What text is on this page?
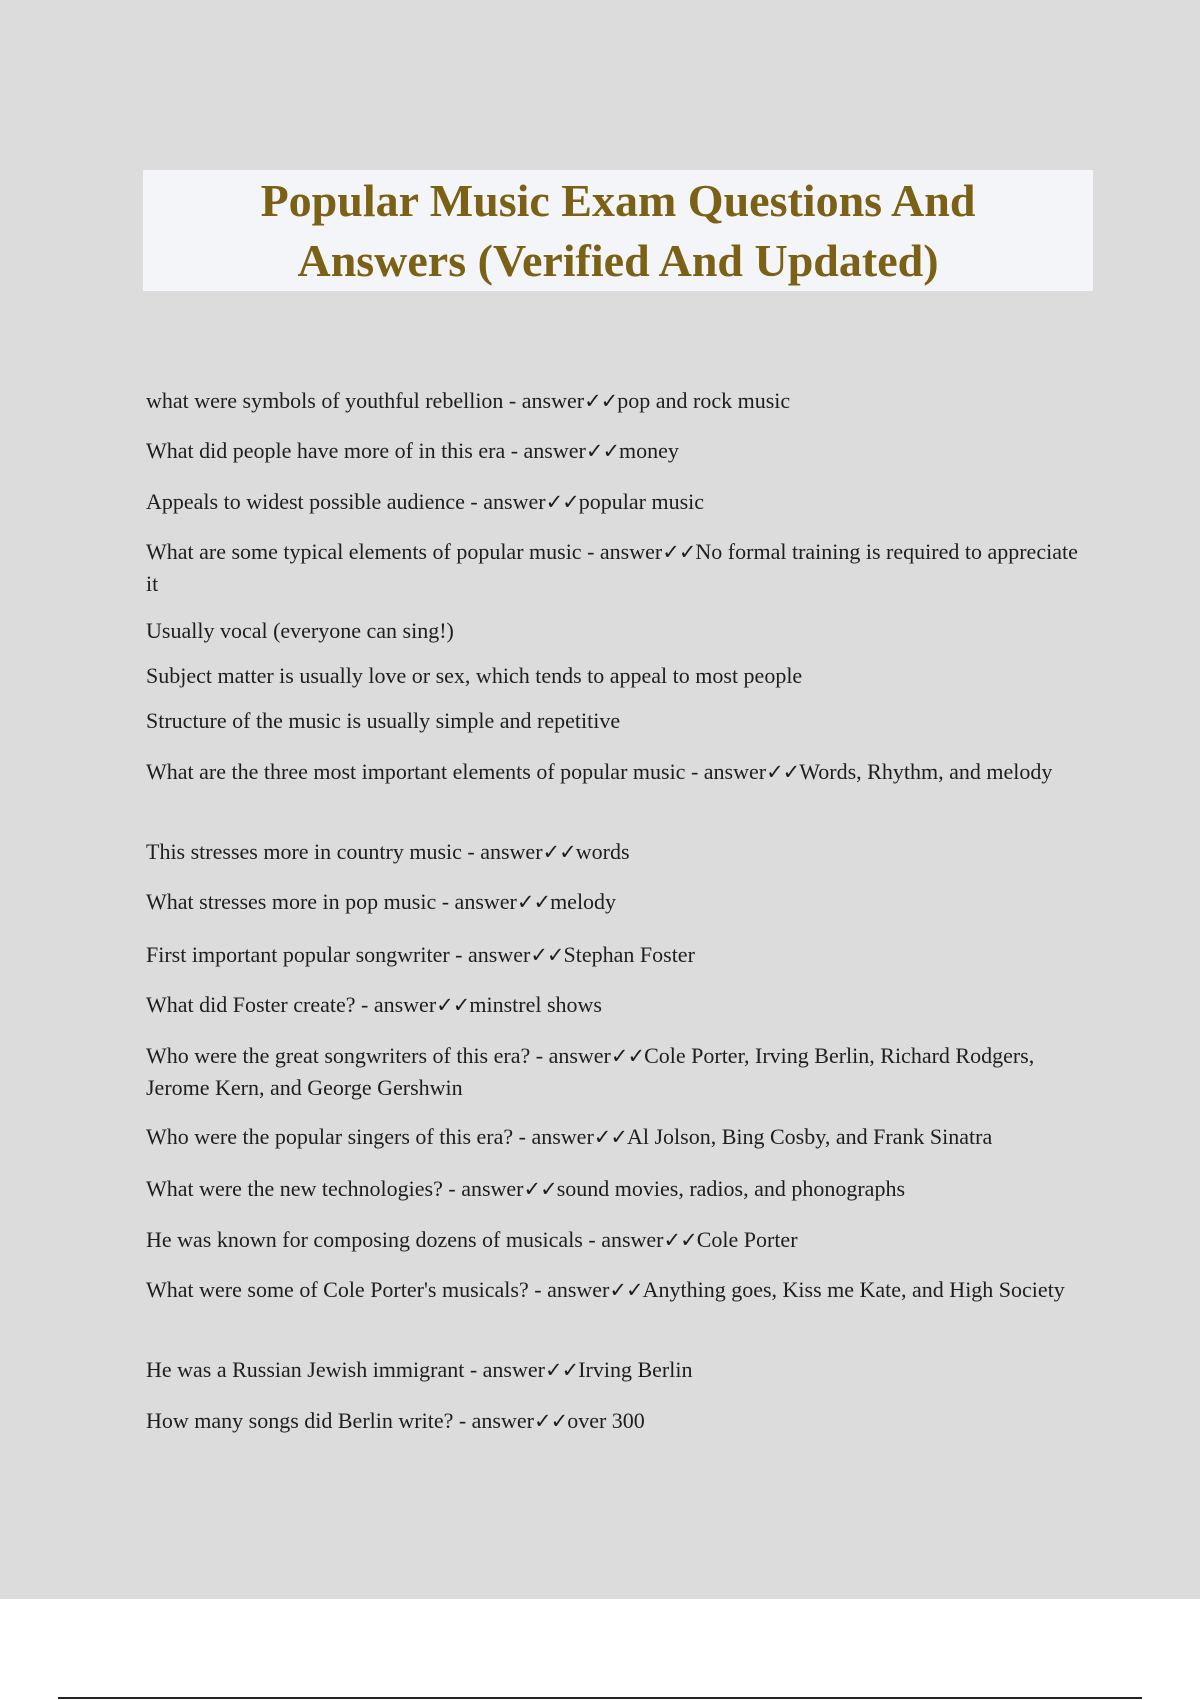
Popular Music Exam Questions And
Answers (Verified And Updated)

what were symbols of youthful rebellion - answer✓✓pop and rock music

What did people have more of in this era - answer✓✓money

Appeals to widest possible audience - answer✓✓popular music

What are some typical elements of popular music - answer✓✓No formal training is required to appreciate it

Usually vocal (everyone can sing!)

Subject matter is usually love or sex, which tends to appeal to most people

Structure of the music is usually simple and repetitive

What are the three most important elements of popular music - answer✓✓Words, Rhythm, and melody

This stresses more in country music - answer✓✓words

What stresses more in pop music - answer✓✓melody

First important popular songwriter - answer✓✓Stephan Foster

What did Foster create? - answer✓✓minstrel shows

Who were the great songwriters of this era? - answer✓✓Cole Porter, Irving Berlin, Richard Rodgers, Jerome Kern, and George Gershwin

Who were the popular singers of this era? - answer✓✓Al Jolson, Bing Cosby, and Frank Sinatra

What were the new technologies? - answer✓✓sound movies, radios, and phonographs

He was known for composing dozens of musicals - answer✓✓Cole Porter

What were some of Cole Porter's musicals? - answer✓✓Anything goes, Kiss me Kate, and High Society

He was a Russian Jewish immigrant - answer✓✓Irving Berlin

How many songs did Berlin write? - answer✓✓over 300
